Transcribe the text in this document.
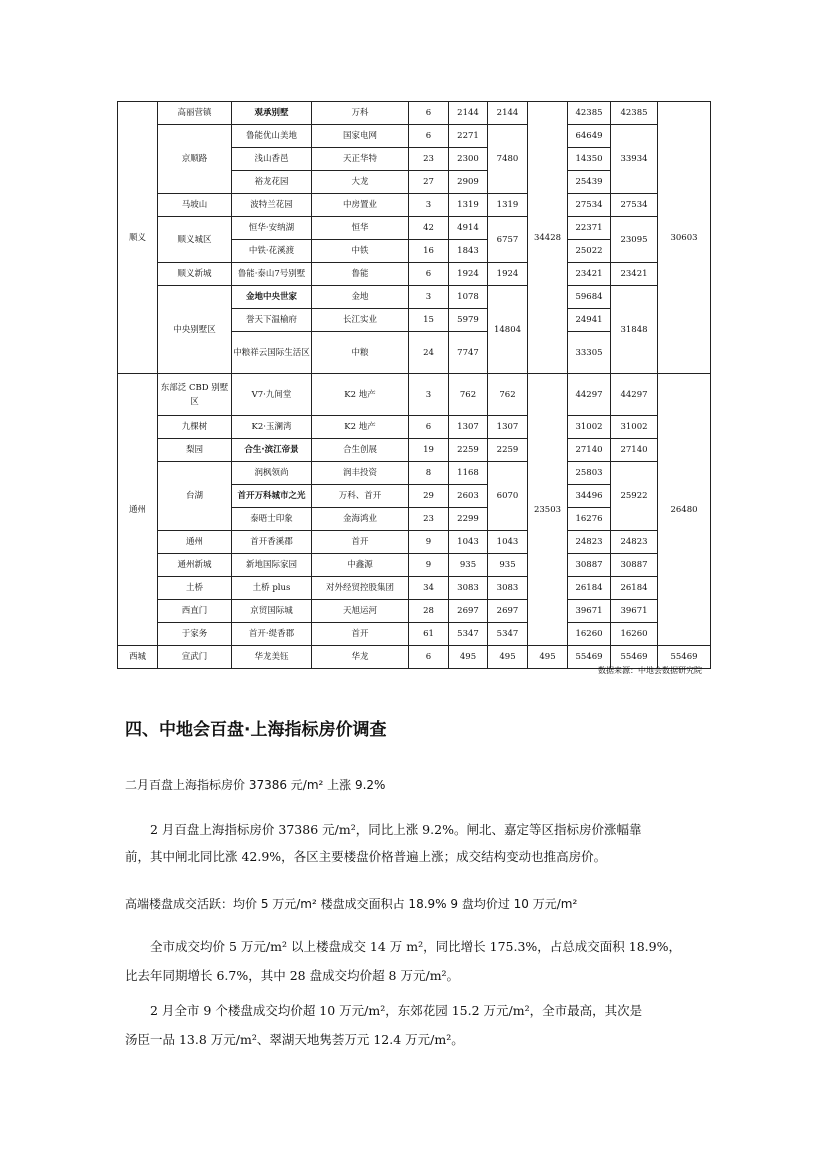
顺义	高丽营镇	观承别墅	万科	6	2144	2144	34428	42385	42385	30603
	京顺路	鲁能优山美地	国家电网	6	2271	7480		64649	33934	
		浅山香邑	天正华特	23	2300			14350		
		裕龙花园	大龙	27	2909			25439		
	马坡山	波特兰花园	中房置业	3	1319	1319		27534	27534	
	顺义城区	恒华·安纳湖	恒华	42	4914	6757		22371	23095	
		中铁·花溪渡	中铁	16	1843			25022		
	顺义新城	鲁能·泰山7号别墅	鲁能	6	1924	1924		23421	23421	
	中央别墅区	金地中央世家	金地	3	1078	14804		59684	31848	
		誉天下温榆府	长江实业	15	5979			24941		
		中粮祥云国际生活区	中粮	24	7747			33305		
通州	东部泛 CBD 别墅区	V7·九间堂	K2 地产	3	762	762	23503	44297	44297	26480
	九棵树	K2·玉澜湾	K2 地产	6	1307	1307		31002	31002	
	梨园	合生·滨江帝景	合生创展	19	2259	2259		27140	27140	
	台湖	润枫领尚	润丰投资	8	1168	6070		25803	25922	
		首开万科城市之光	万科、首开	29	2603			34496		
		泰晤士印象	金海鸿业	23	2299			16276		
	通州	首开香溪郡	首开	9	1043	1043		24823	24823	
	通州新城	新地国际家园	中鑫源	9	935	935		30887	30887	
	土桥	土桥 plus	对外经贸控股集团	34	3083	3083		26184	26184	
	西直门	京贸国际城	天旭运河	28	2697	2697		39671	39671	
	于家务	首开·缇香郡	首开	61	5347	5347		16260	16260	
西城	宣武门	华龙美钰	华龙	6	495	495	495	55469	55469	55469
数据来源：中地会数据研究院
四、中地会百盘·上海指标房价调查

二月百盘上海指标房价 37386 元/m² 上涨 9.2%

2 月百盘上海指标房价 37386 元/m²，同比上涨 9.2%。闸北、嘉定等区指标房价涨幅靠

前，其中闸北同比涨 42.9%，各区主要楼盘价格普遍上涨；成交结构变动也推高房价。

高端楼盘成交活跃：均价 5 万元/m² 楼盘成交面积占 18.9% 9 盘均价过 10 万元/m²

全市成交均价 5 万元/m² 以上楼盘成交 14 万 m²，同比增长 175.3%，占总成交面积 18.9%，

比去年同期增长 6.7%，其中 28 盘成交均价超 8 万元/m²。

2 月全市 9 个楼盘成交均价超 10 万元/m²，东郊花园 15.2 万元/m²，全市最高，其次是

汤臣一品 13.8 万元/m²、翠湖天地隽荟万元 12.4 万元/m²。
